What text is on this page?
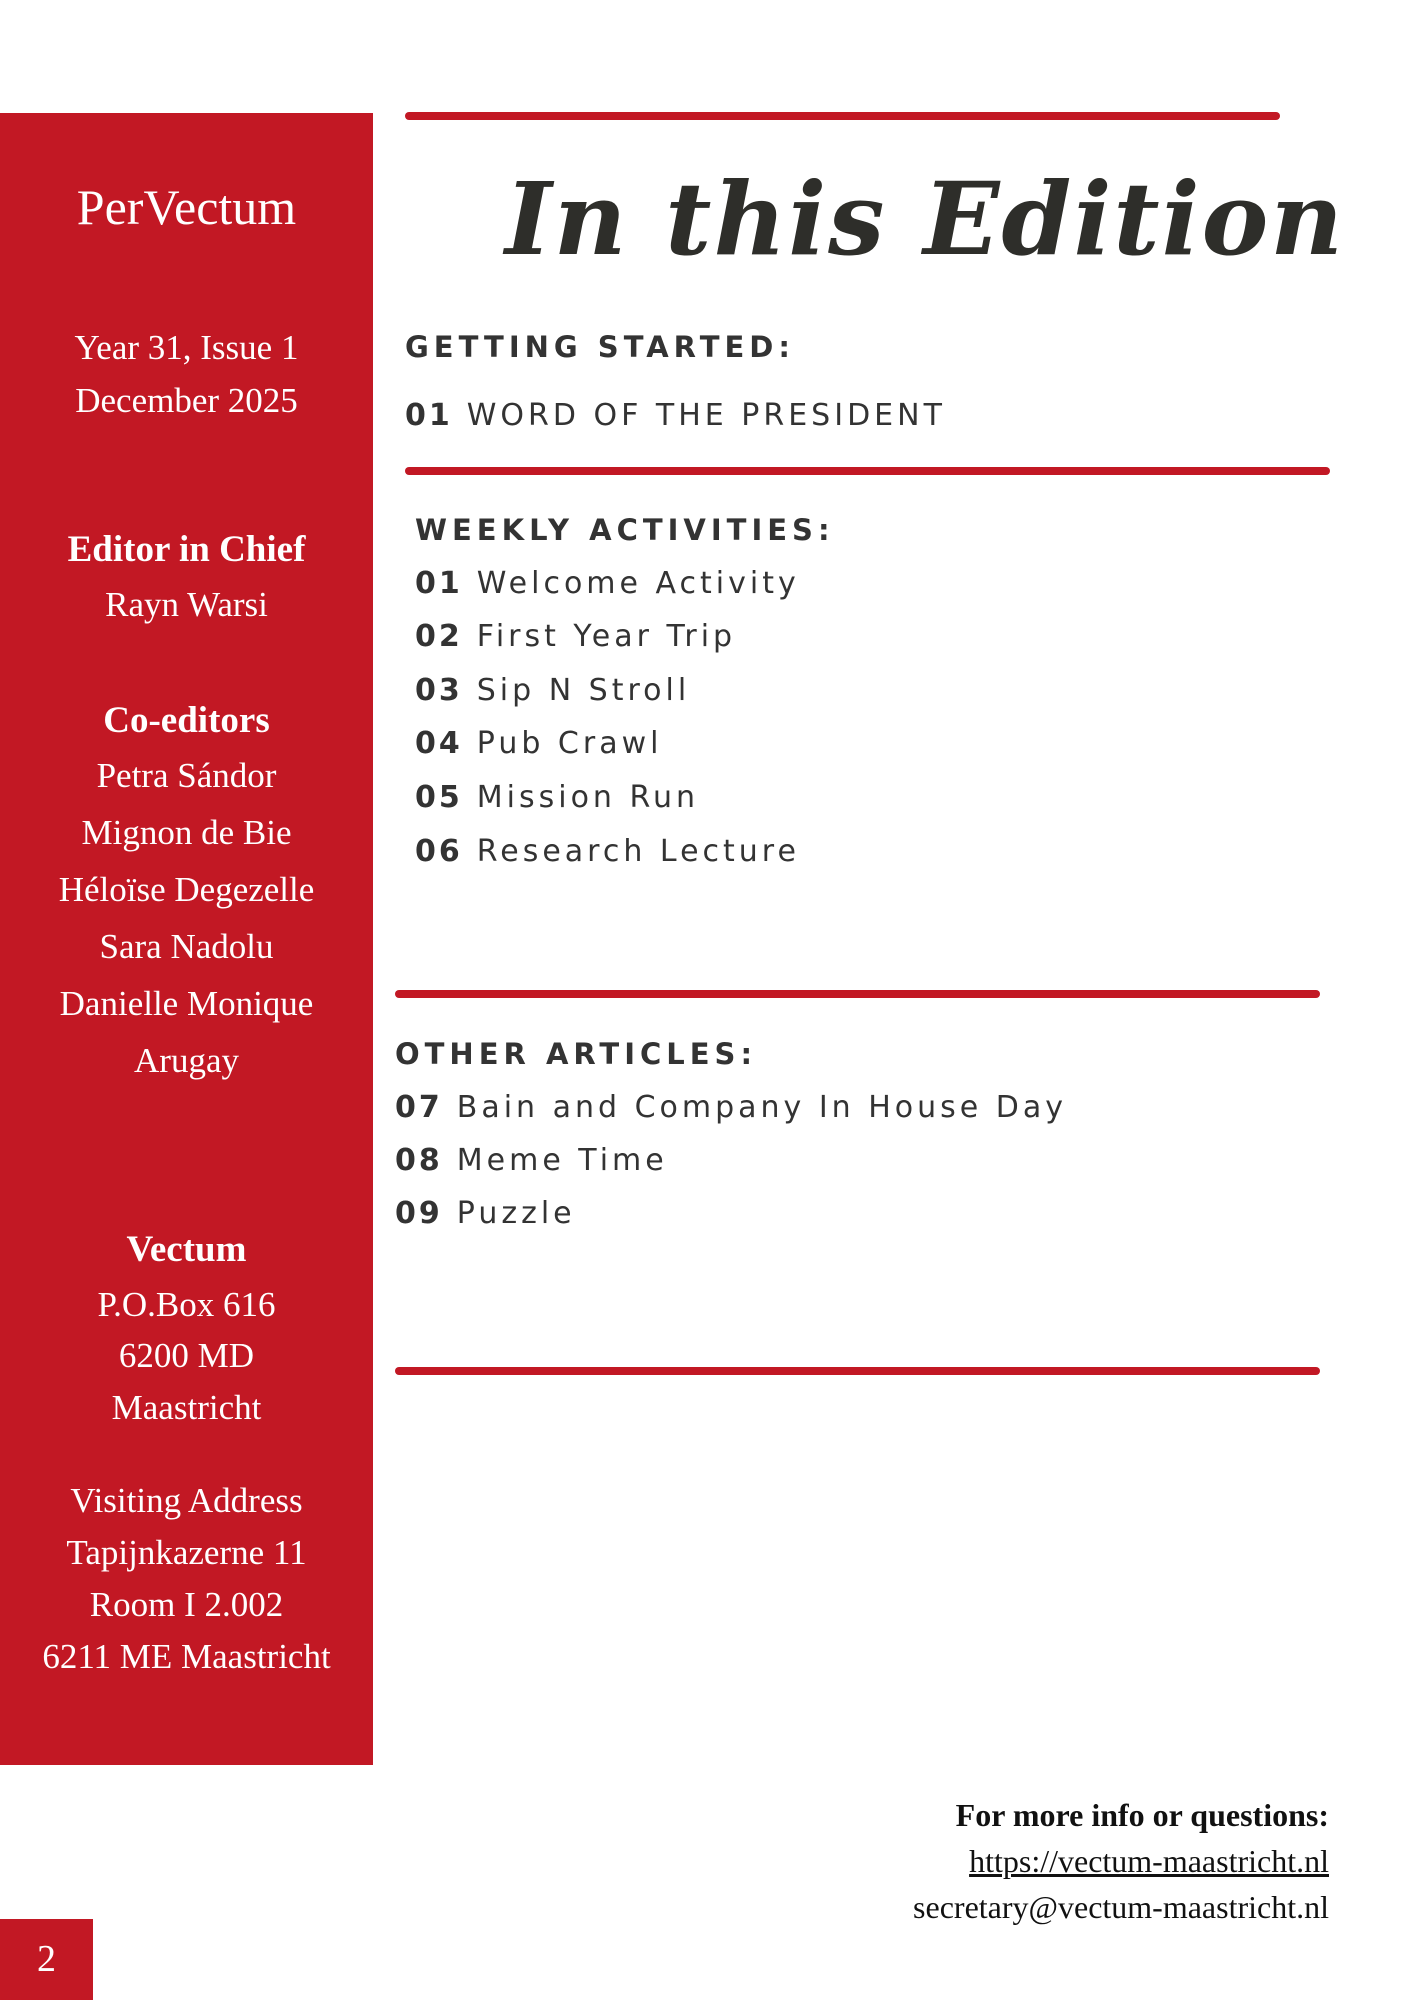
PerVectum
Year 31, Issue 1
December 2025
Editor in Chief
Rayn Warsi
Co-editors
Petra Sándor
Mignon de Bie
Héloïse Degezelle
Sara Nadolu
Danielle Monique
Arugay
Vectum
P.O.Box 616
6200 MD
Maastricht
Visiting Address
Tapijnkazerne 11
Room I 2.002
6211 ME Maastricht
In this Edition
GETTING STARTED:
01 WORD OF THE PRESIDENT
WEEKLY ACTIVITIES:
01 Welcome Activity
02 First Year Trip
03 Sip N Stroll
04 Pub Crawl
05 Mission Run
06 Research Lecture
OTHER ARTICLES:
07 Bain and Company In House Day
08 Meme Time
09 Puzzle
For more info or questions:
https://vectum-maastricht.nl
secretary@vectum-maastricht.nl
2
